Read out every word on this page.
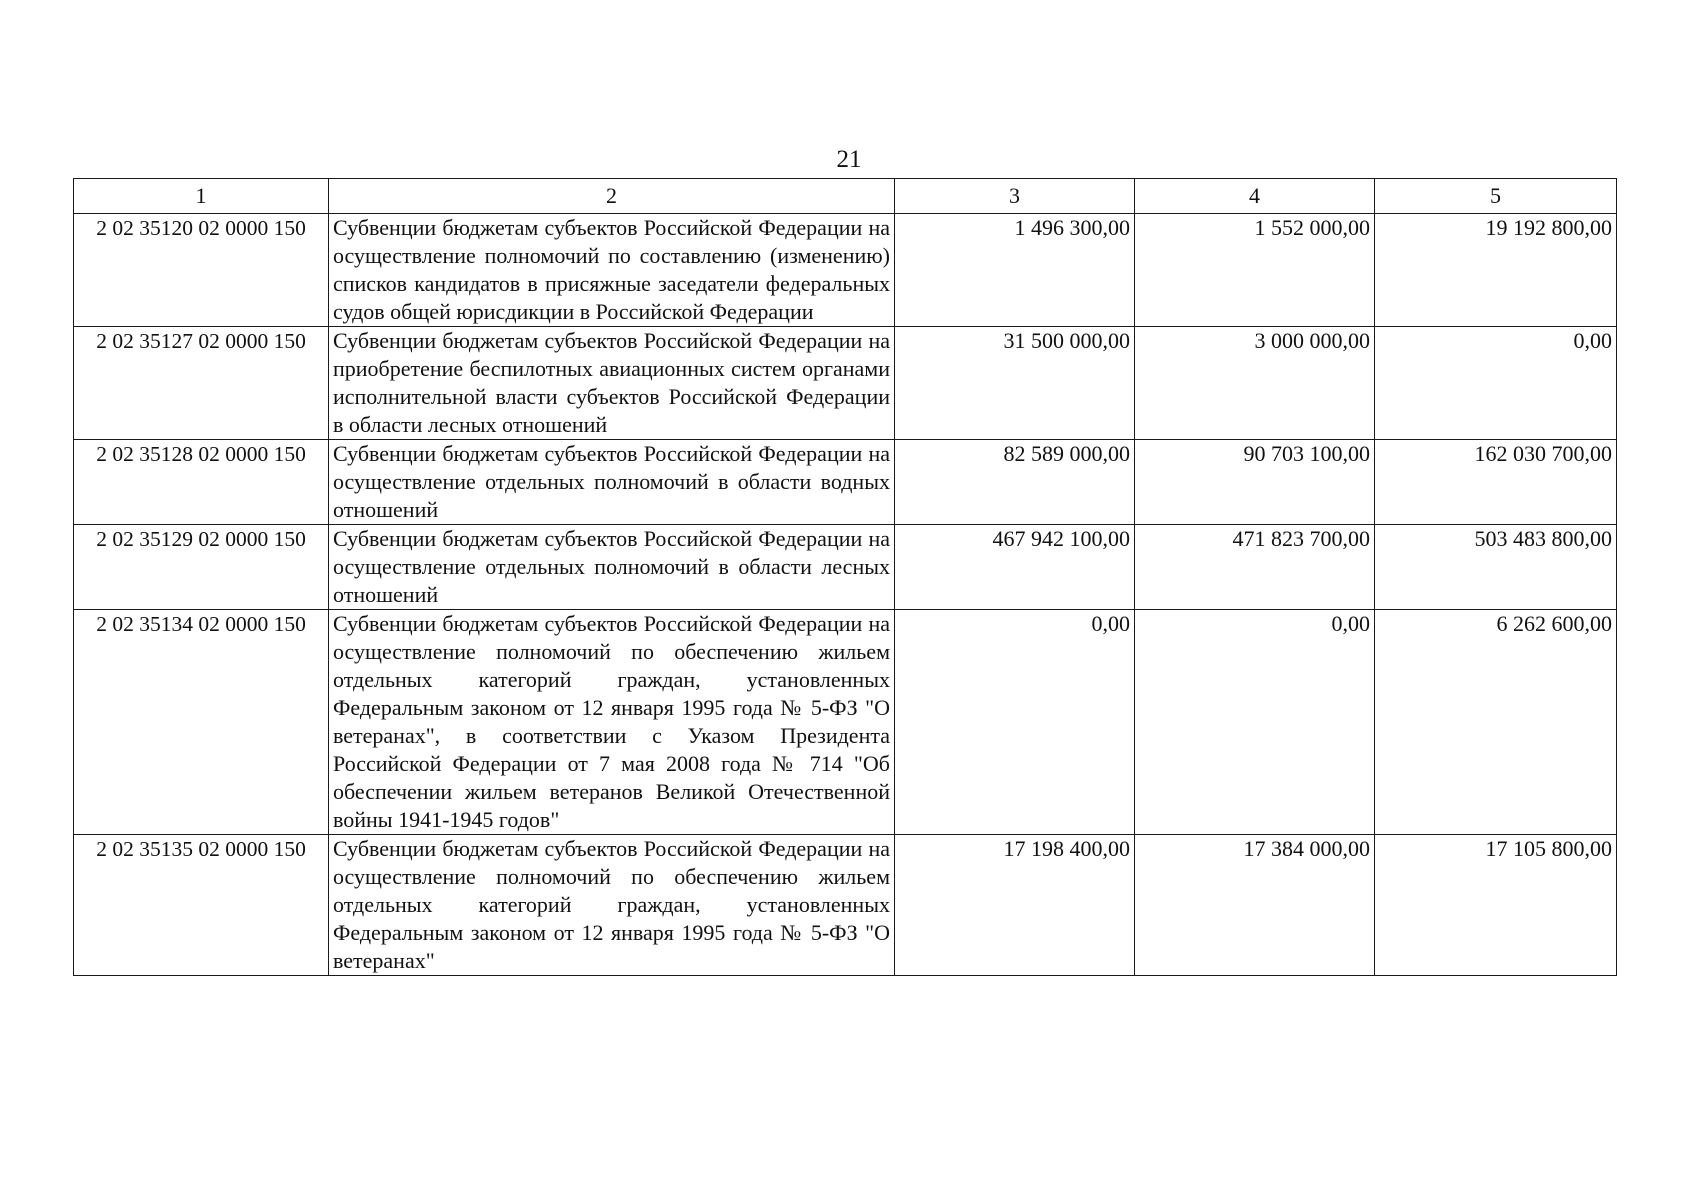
21
1	2	3	4	5
2 02 35120 02 0000 150	Субвенции бюджетам субъектов Российской Федерации на осуществление полномочий по составлению (изменению) списков кандидатов в присяжные заседатели федеральных судов общей юрисдикции в Российской Федерации	1 496 300,00	1 552 000,00	19 192 800,00
2 02 35127 02 0000 150	Субвенции бюджетам субъектов Российской Федерации на приобретение беспилотных авиационных систем органами исполнительной власти субъектов Российской Федерации в области лесных отношений	31 500 000,00	3 000 000,00	0,00
2 02 35128 02 0000 150	Субвенции бюджетам субъектов Российской Федерации на осуществление отдельных полномочий в области водных отношений	82 589 000,00	90 703 100,00	162 030 700,00
2 02 35129 02 0000 150	Субвенции бюджетам субъектов Российской Федерации на осуществление отдельных полномочий в области лесных отношений	467 942 100,00	471 823 700,00	503 483 800,00
2 02 35134 02 0000 150	Субвенции бюджетам субъектов Российской Федерации на осуществление полномочий по обеспечению жильем отдельных категорий граждан, установленных Федеральным законом от 12 января 1995 года № 5-ФЗ "О ветеранах", в соответствии с Указом Президента Российской Федерации от 7 мая 2008 года № 714 "Об обеспечении жильем ветеранов Великой Отечественной войны 1941-1945 годов"	0,00	0,00	6 262 600,00
2 02 35135 02 0000 150	Субвенции бюджетам субъектов Российской Федерации на осуществление полномочий по обеспечению жильем отдельных категорий граждан, установленных Федеральным законом от 12 января 1995 года № 5-ФЗ "О ветеранах"	17 198 400,00	17 384 000,00	17 105 800,00
